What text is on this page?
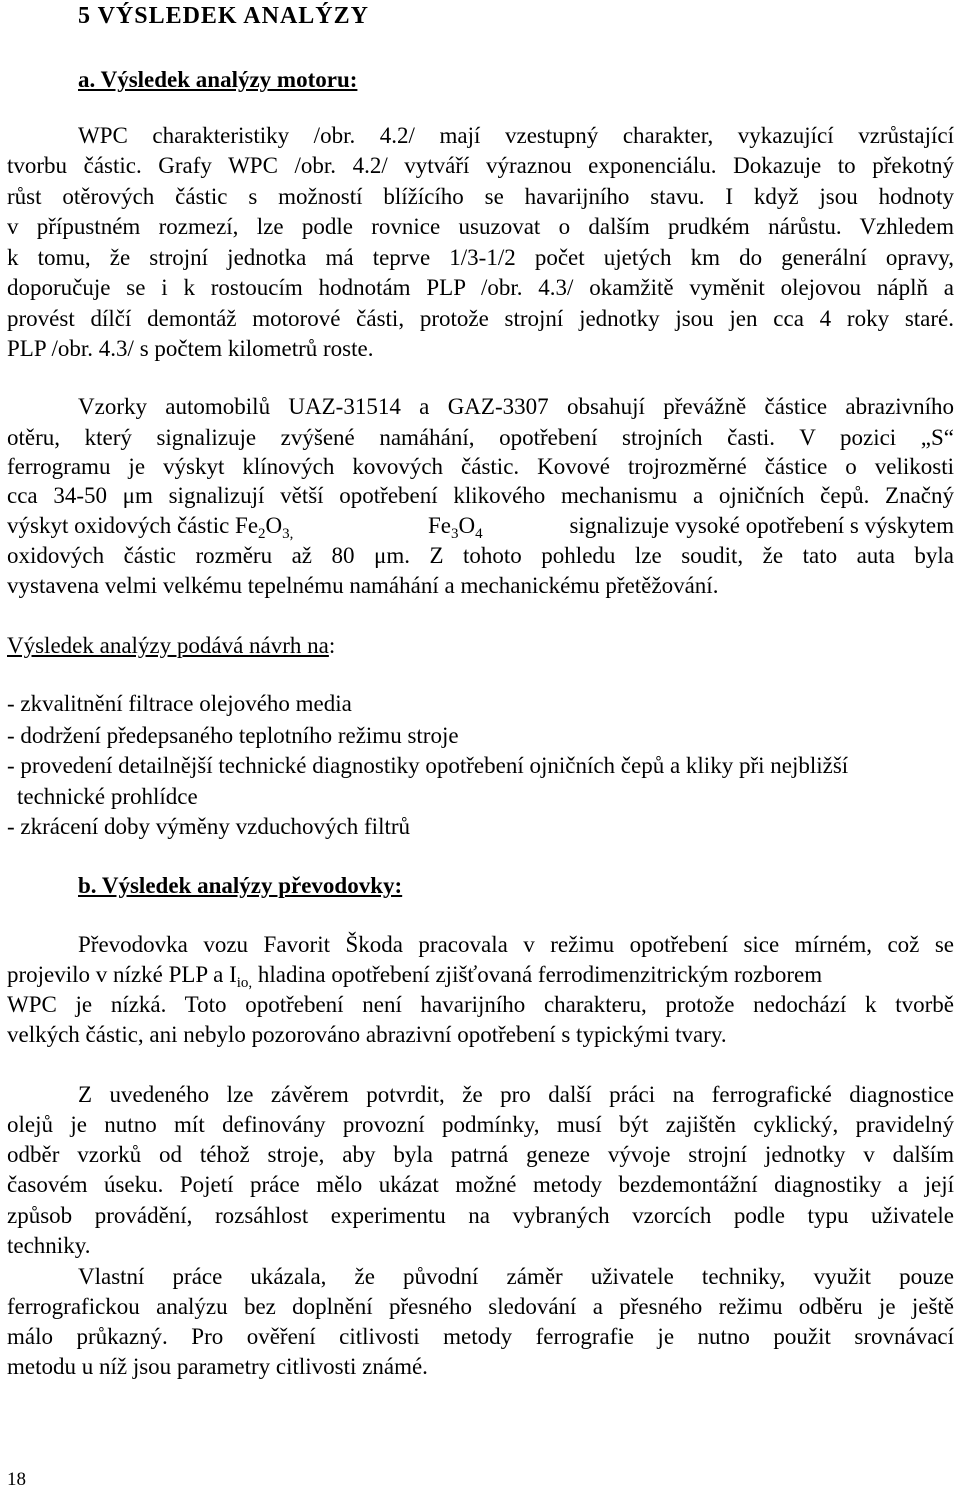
5 VÝSLEDEK ANALÝZY
a. Výsledek analýzy motoru:
WPC charakteristiky /obr. 4.2/ mají vzestupný charakter, vykazující vzrůstající
tvorbu částic. Grafy WPC /obr. 4.2/ vytváří výraznou exponenciálu. Dokazuje to překotný
růst otěrových částic s možností blížícího se havarijního stavu. I když jsou hodnoty
v přípustném rozmezí, lze podle rovnice usuzovat o dalším prudkém nárůstu. Vzhledem
k tomu, že strojní jednotka má teprve 1/3-1/2 počet ujetých km do generální opravy,
doporučuje se i k rostoucím hodnotám PLP /obr. 4.3/ okamžitě vyměnit olejovou náplň a
provést dílčí demontáž motorové části, protože strojní jednotky jsou jen cca 4 roky staré.
PLP /obr. 4.3/ s počtem kilometrů roste.
Vzorky automobilů UAZ-31514 a GAZ-3307 obsahují převážně částice abrazivního
otěru, který signalizuje zvýšené namáhání, opotřebení strojních časti. V pozici „S“
ferrogramu je výskyt klínových kovových částic. Kovové trojrozměrné částice o velikosti
cca 34-50 μm signalizují větší opotřebení klikového mechanismu a ojničních čepů. Značný
výskyt oxidových částic $Fe_2O_{3,}$	$Fe_3O_4$	signalizuje vysoké opotřebení s výskytem
oxidových částic rozměru až 80 μm. Z tohoto pohledu lze soudit, že tato auta byla
vystavena velmi velkému tepelnému namáhání a mechanickému přetěžování.
Výsledek analýzy podává návrh na:
- zkvalitnění filtrace olejového media
- dodržení předepsaného teplotního režimu stroje
- provedení detailnější technické diagnostiky opotřebení ojničních čepů a kliky při nejbližší
technické prohlídce
- zkrácení doby výměny vzduchových filtrů
b. Výsledek analýzy převodovky:
Převodovka vozu Favorit Škoda pracovala v režimu opotřebení sice mírném, což se
projevilo v nízké PLP a $I_{io,}$ hladina opotřebení zjišťovaná ferrodimenzitrickým rozborem
WPC je nízká. Toto opotřebení není havarijního charakteru, protože nedochází k tvorbě
velkých částic, ani nebylo pozorováno abrazivní opotřebení s typickými tvary.
Z uvedeného lze závěrem potvrdit, že pro další práci na ferrografické diagnostice
olejů je nutno mít definovány provozní podmínky, musí být zajištěn cyklický, pravidelný
odběr vzorků od téhož stroje, aby byla patrná geneze vývoje strojní jednotky v dalším
časovém úseku. Pojetí práce mělo ukázat možné metody bezdemontážní diagnostiky a její
způsob provádění, rozsáhlost experimentu na vybraných vzorcích podle typu uživatele
techniky.
Vlastní práce ukázala, že původní záměr uživatele techniky, využit pouze
ferrografickou analýzu bez doplnění přesného sledování a přesného režimu odběru je ještě
málo průkazný. Pro ověření citlivosti metody ferrografie je nutno použit srovnávací
metodu u níž jsou parametry citlivosti známé.
18
